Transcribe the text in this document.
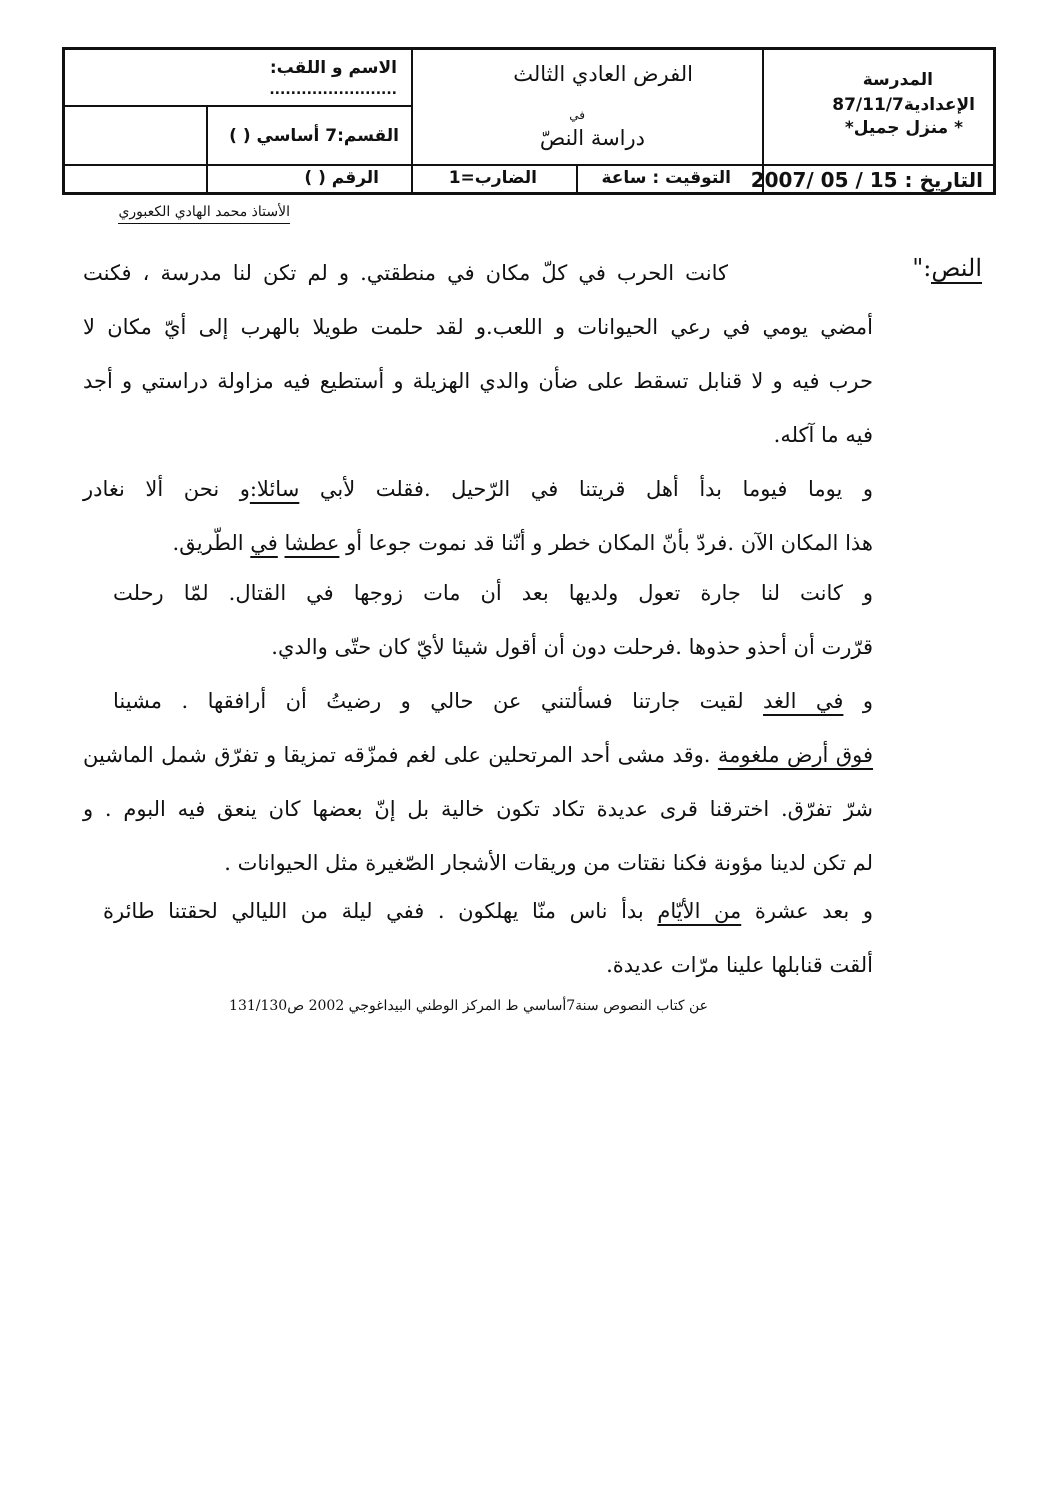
المدرسة
الإعدادية87/11/7
* منزل جميل*
الفرض العادي الثالث
في
دراسة النصّ
الاسم و اللقب:
........................
القسم:7 أساسي ( )
التاريخ : 15 / 05 /2007
التوقيت : ساعة
الضارب=1
الرقم ( )
الأستاذ محمد الهادي الكعبوري
النص:"
كانت الحرب في كلّ مكان في منطقتي. و لم تكن لنا مدرسة ، فكنت
أمضي يومي في رعي الحيوانات و اللعب.و لقد حلمت طويلا بالهرب إلى أيّ مكان لا
حرب فيه و لا قنابل تسقط على ضأن والدي الهزيلة و أستطيع فيه مزاولة دراستي و أجد
فيه ما آكله.
و يوما فيوما بدأ أهل قريتنا في الرّحيل .فقلت لأبي سائلا:و نحن ألا نغادر
هذا المكان الآن .فردّ بأنّ المكان خطر و أنّنا قد نموت جوعا أو عطشا في الطّريق.
و كانت لنا جارة تعول ولديها بعد أن مات زوجها في القتال. لمّا رحلت
قرّرت أن أحذو حذوها .فرحلت دون أن أقول شيئا لأيّ كان حتّى والدي.
و في الغد لقيت جارتنا فسألتني عن حالي و رضيتُ أن أرافقها . مشينا
فوق أرض ملغومة .وقد مشى أحد المرتحلين على لغم فمزّقه تمزيقا و تفرّق شمل الماشين
شرّ تفرّق. اخترقنا قرى عديدة تكاد تكون خالية بل إنّ بعضها كان ينعق فيه البوم . و
لم تكن لدينا مؤونة فكنا نقتات من وريقات الأشجار الصّغيرة مثل الحيوانات .
و بعد عشرة من الأيّام بدأ ناس منّا يهلكون . ففي ليلة من الليالي لحقتنا طائرة
ألقت قنابلها علينا مرّات عديدة.
عن كتاب النصوص سنة7أساسي ط المركز الوطني البيداغوجي 2002 ص131/130
